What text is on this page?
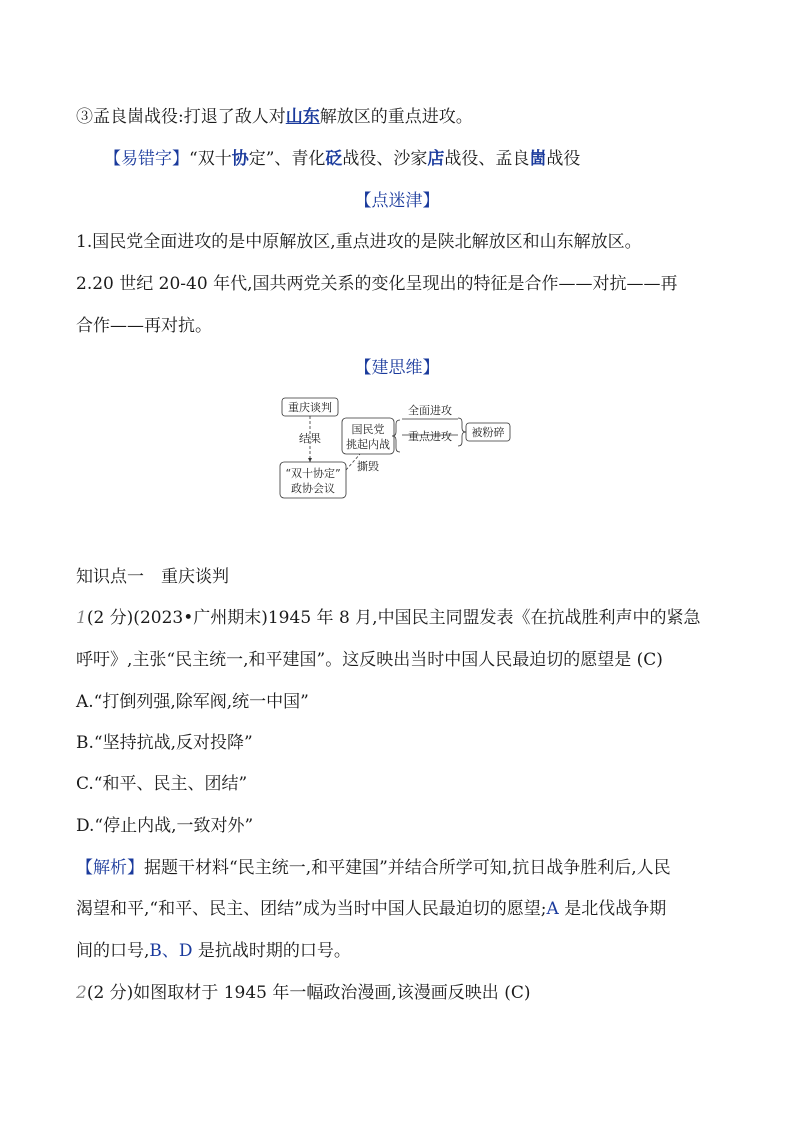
③孟良崮战役:打退了敌人对山东解放区的重点进攻。
【易错字】“双十协定”、青化砭战役、沙家店战役、孟良崮战役
【点迷津】
1.国民党全面进攻的是中原解放区,重点进攻的是陕北解放区和山东解放区。
2.20 世纪 20-40 年代,国共两党关系的变化呈现出的特征是合作——对抗——再
合作——再对抗。
【建思维】
重庆谈判
结果
“双十协定”
政协会议
国民党
挑起内战
撕毁
全面进攻
重点进攻 被粉碎
知识点一　重庆谈判
1(2 分)(2023•广州期末)1945 年 8 月,中国民主同盟发表《在抗战胜利声中的紧急
呼吁》,主张“民主统一,和平建国”。这反映出当时中国人民最迫切的愿望是 (C)
A.“打倒列强,除军阀,统一中国”
B.“坚持抗战,反对投降”
C.“和平、民主、团结”
D.“停止内战,一致对外”
【解析】据题干材料“民主统一,和平建国”并结合所学可知,抗日战争胜利后,人民
渴望和平,“和平、民主、团结”成为当时中国人民最迫切的愿望;A 是北伐战争期
间的口号,B、D 是抗战时期的口号。
2(2 分)如图取材于 1945 年一幅政治漫画,该漫画反映出 (C)
